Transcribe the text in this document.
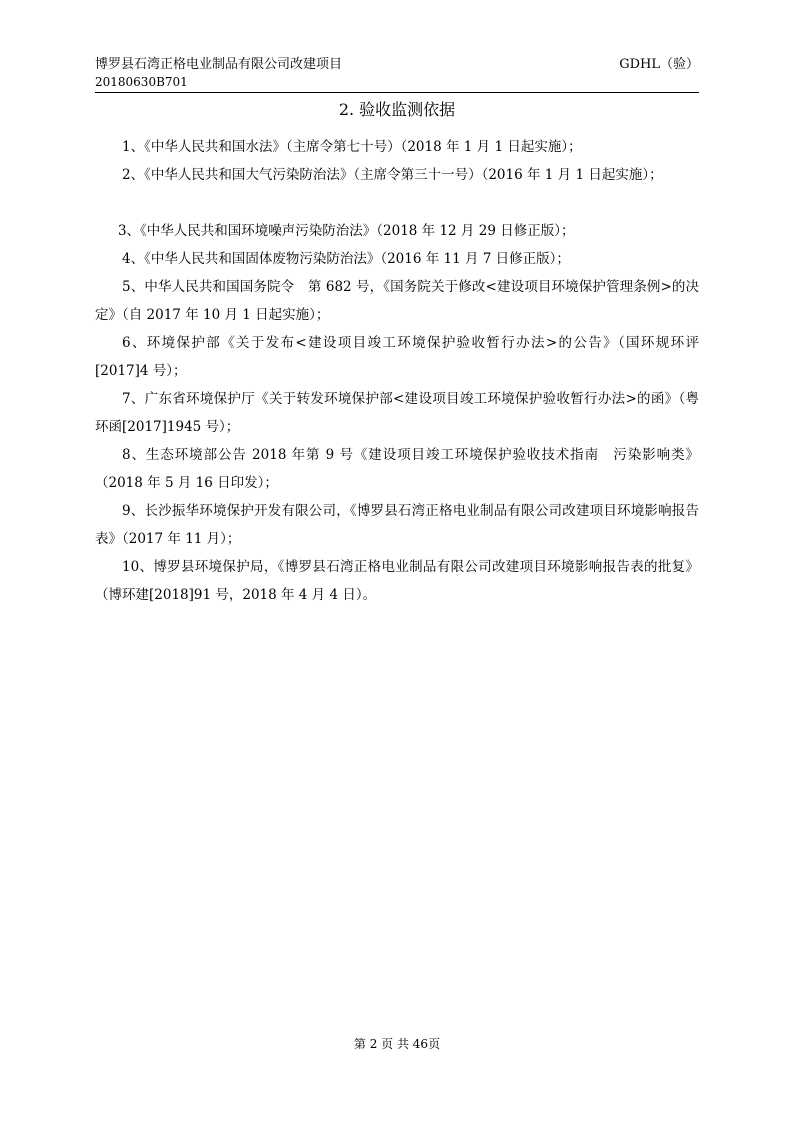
博罗县石湾正格电业制品有限公司改建项目	GDHL（验）
20180630B701
2. 验收监测依据

1、《中华人民共和国水法》（主席令第七十号）（2018 年 1 月 1 日起实施）；

2、《中华人民共和国大气污染防治法》（主席令第三十一号）（2016 年 1 月 1 日起实施）；

3、《中华人民共和国环境噪声污染防治法》（2018 年 12 月 29 日修正版）；

4、《中华人民共和国固体废物污染防治法》（2016 年 11 月 7 日修正版）；

5、中华人民共和国国务院令　第 682 号，《国务院关于修改<建设项目环境保护管理条例>的决定》（自 2017 年 10 月 1 日起实施）；

6、环境保护部《关于发布<建设项目竣工环境保护验收暂行办法>的公告》（国环规环评[2017]4 号）；

7、广东省环境保护厅《关于转发环境保护部<建设项目竣工环境保护验收暂行办法>的函》（粤环函[2017]1945 号）；

8、生态环境部公告 2018 年第 9 号《建设项目竣工环境保护验收技术指南　污染影响类》（2018 年 5 月 16 日印发）；

9、长沙振华环境保护开发有限公司，《博罗县石湾正格电业制品有限公司改建项目环境影响报告表》（2017 年 11 月）；

10、博罗县环境保护局，《博罗县石湾正格电业制品有限公司改建项目环境影响报告表的批复》（博环建[2018]91 号，2018 年 4 月 4 日）。

第 2 页 共 46页
